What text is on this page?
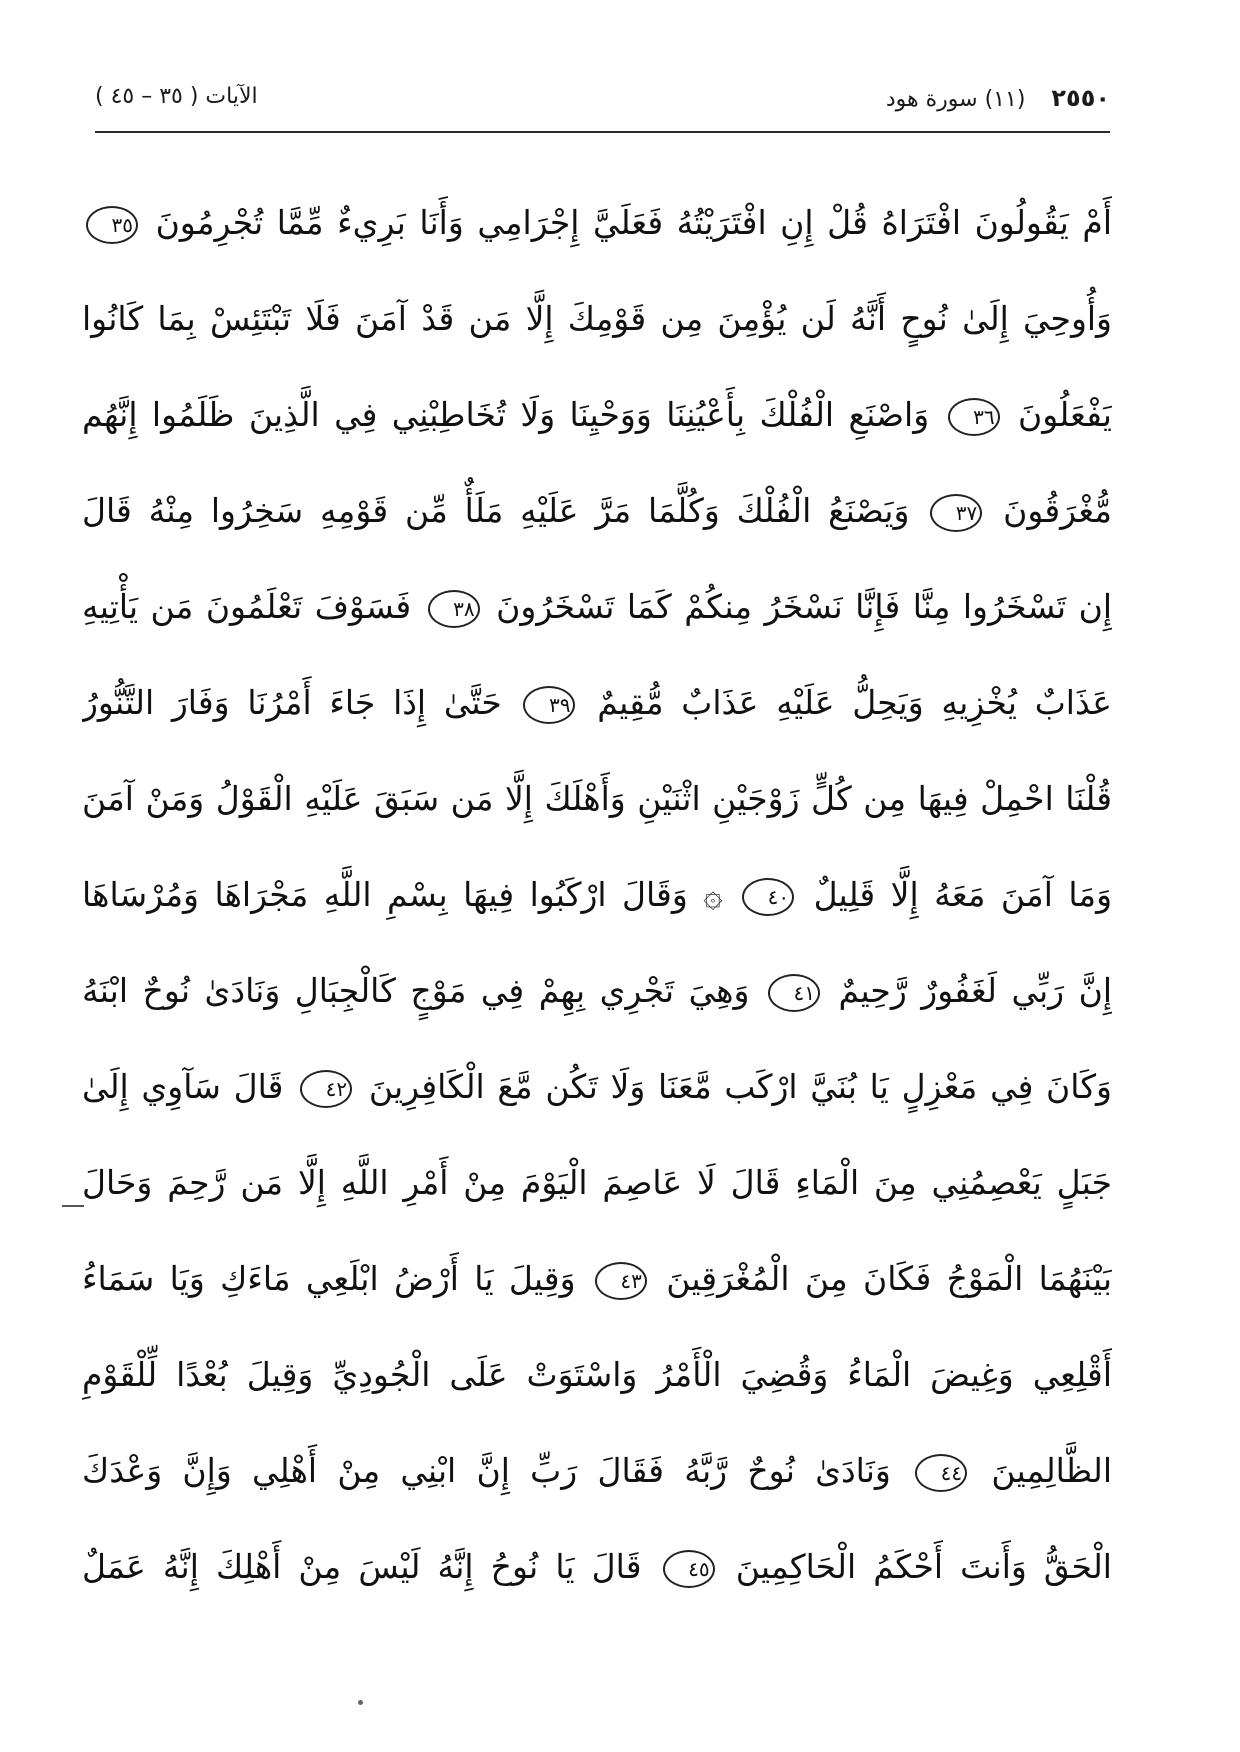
٢٥٥٠
(١١) سورة هود
الآيات ( ٣٥ – ٤٥ )
أَمْ يَقُولُونَ افْتَرَاهُ قُلْ إِنِ افْتَرَيْتُهُ فَعَلَيَّ إِجْرَامِي وَأَنَا بَرِيءٌ مِّمَّا تُجْرِمُونَ ٣٥
وَأُوحِيَ إِلَىٰ نُوحٍ أَنَّهُ لَن يُؤْمِنَ مِن قَوْمِكَ إِلَّا مَن قَدْ آمَنَ فَلَا تَبْتَئِسْ بِمَا كَانُوا
يَفْعَلُونَ ٣٦ وَاصْنَعِ الْفُلْكَ بِأَعْيُنِنَا وَوَحْيِنَا وَلَا تُخَاطِبْنِي فِي الَّذِينَ ظَلَمُوا إِنَّهُم
مُّغْرَقُونَ ٣٧ وَيَصْنَعُ الْفُلْكَ وَكُلَّمَا مَرَّ عَلَيْهِ مَلَأٌ مِّن قَوْمِهِ سَخِرُوا مِنْهُ قَالَ
إِن تَسْخَرُوا مِنَّا فَإِنَّا نَسْخَرُ مِنكُمْ كَمَا تَسْخَرُونَ ٣٨ فَسَوْفَ تَعْلَمُونَ مَن يَأْتِيهِ
عَذَابٌ يُخْزِيهِ وَيَحِلُّ عَلَيْهِ عَذَابٌ مُّقِيمٌ ٣٩ حَتَّىٰ إِذَا جَاءَ أَمْرُنَا وَفَارَ التَّنُّورُ
قُلْنَا احْمِلْ فِيهَا مِن كُلٍّ زَوْجَيْنِ اثْنَيْنِ وَأَهْلَكَ إِلَّا مَن سَبَقَ عَلَيْهِ الْقَوْلُ وَمَنْ آمَنَ
وَمَا آمَنَ مَعَهُ إِلَّا قَلِيلٌ ٤٠ ۞ وَقَالَ ارْكَبُوا فِيهَا بِسْمِ اللَّهِ مَجْرَاهَا وَمُرْسَاهَا
إِنَّ رَبِّي لَغَفُورٌ رَّحِيمٌ ٤١ وَهِيَ تَجْرِي بِهِمْ فِي مَوْجٍ كَالْجِبَالِ وَنَادَىٰ نُوحٌ ابْنَهُ
وَكَانَ فِي مَعْزِلٍ يَا بُنَيَّ ارْكَب مَّعَنَا وَلَا تَكُن مَّعَ الْكَافِرِينَ ٤٢ قَالَ سَآوِي إِلَىٰ
جَبَلٍ يَعْصِمُنِي مِنَ الْمَاءِ قَالَ لَا عَاصِمَ الْيَوْمَ مِنْ أَمْرِ اللَّهِ إِلَّا مَن رَّحِمَ وَحَالَ
بَيْنَهُمَا الْمَوْجُ فَكَانَ مِنَ الْمُغْرَقِينَ ٤٣ وَقِيلَ يَا أَرْضُ ابْلَعِي مَاءَكِ وَيَا سَمَاءُ
أَقْلِعِي وَغِيضَ الْمَاءُ وَقُضِيَ الْأَمْرُ وَاسْتَوَتْ عَلَى الْجُودِيِّ وَقِيلَ بُعْدًا لِّلْقَوْمِ
الظَّالِمِينَ ٤٤ وَنَادَىٰ نُوحٌ رَّبَّهُ فَقَالَ رَبِّ إِنَّ ابْنِي مِنْ أَهْلِي وَإِنَّ وَعْدَكَ
الْحَقُّ وَأَنتَ أَحْكَمُ الْحَاكِمِينَ ٤٥ قَالَ يَا نُوحُ إِنَّهُ لَيْسَ مِنْ أَهْلِكَ إِنَّهُ عَمَلٌ
